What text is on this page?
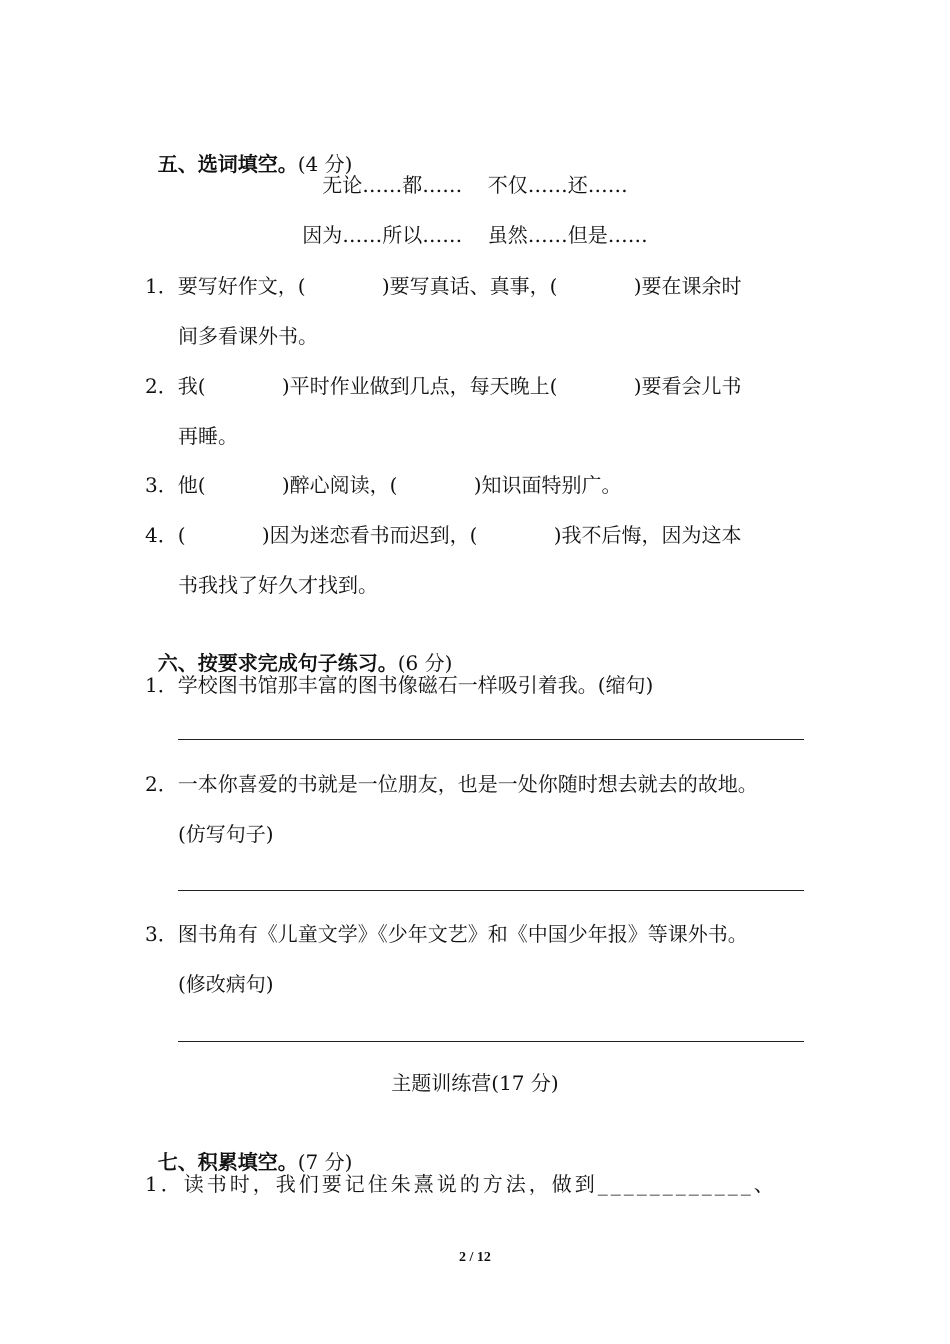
五、选词填空。(4 分)

无论……都……    不仅……还……
因为……所以……    虽然……但是……
1．要写好作文，(            )要写真话、真事，(            )要在课余时
间多看课外书。
2．我(            )平时作业做到几点，每天晚上(            )要看会儿书
再睡。
3．他(            )醉心阅读，(            )知识面特别广。
4．(            )因为迷恋看书而迟到，(            )我不后悔，因为这本
书我找了好久才找到。

六、按要求完成句子练习。(6 分)

1．学校图书馆那丰富的图书像磁石一样吸引着我。(缩句)
2．一本你喜爱的书就是一位朋友，也是一处你随时想去就去的故地。
(仿写句子)
3．图书角有《儿童文学》《少年文艺》和《中国少年报》等课外书。
(修改病句)
主题训练营(17 分)

七、积累填空。(7 分)

1．读书时，我们要记住朱熹说的方法，做到____________、
2 / 12
